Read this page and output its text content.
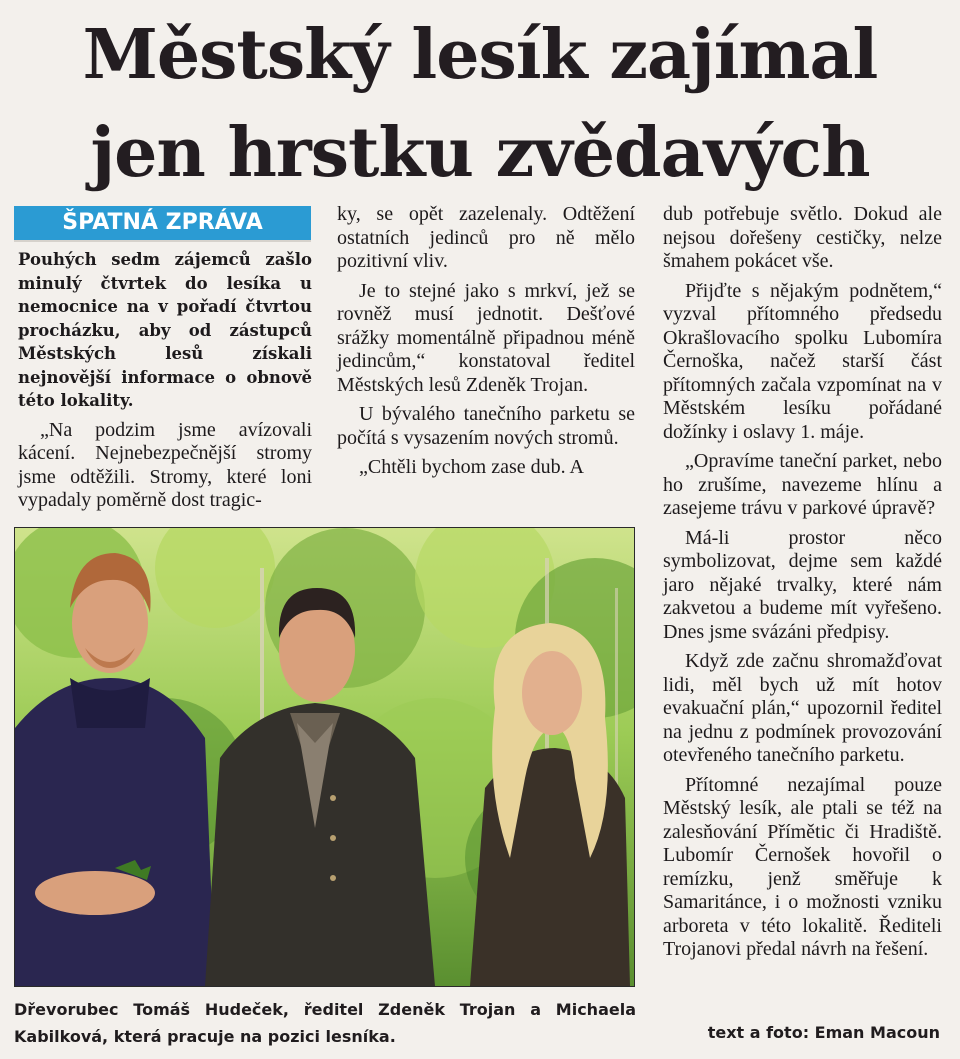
Městský lesík zajímal
jen hrstku zvědavých
ŠPATNÁ ZPRÁVA

Pouhých sedm zájemců zašlo minulý čtvrtek do lesíka u nemocnice na v pořadí čtvrtou procházku, aby od zástupců Městských lesů získali nejnovější informace o obnově této lokality.

„Na podzim jsme avízovali kácení. Nejnebezpečnější stromy jsme odtěžili. Stromy, které loni vypadaly poměrně dost tragic-

ky, se opět zazelenaly. Odtěžení ostatních jedinců pro ně mělo pozitivní vliv.

Je to stejné jako s mrkví, jež se rovněž musí jednotit. Dešťové srážky momentálně připadnou méně jedincům,“ konstatoval ředitel Městských lesů Zdeněk Trojan.

U bývalého tanečního parketu se počítá s vysazením nových stromů.

„Chtěli bychom zase dub. A

dub potřebuje světlo. Dokud ale nejsou dořešeny cestičky, nelze šmahem pokácet vše.

Přijďte s nějakým podnětem,“ vyzval přítomného předsedu Okrašlovacího spolku Lubomíra Černoška, načež starší část přítomných začala vzpomínat na v Městském lesíku pořádané dožínky i oslavy 1. máje.

„Opravíme taneční parket, nebo ho zrušíme, navezeme hlínu a zasejeme trávu v parkové úpravě?

Má-li prostor něco symbolizovat, dejme sem každé jaro nějaké trvalky, které nám zakvetou a budeme mít vyřešeno. Dnes jsme svázáni předpisy.

Když zde začnu shromažďovat lidi, měl bych už mít hotov evakuační plán,“ upozornil ředitel na jednu z podmínek provozování otevřeného tanečního parketu.

Přítomné nezajímal pouze Městský lesík, ale ptali se též na zalesňování Přímětic či Hradiště. Lubomír Černošek hovořil o remízku, jenž směřuje k Samaritánce, i o možnosti vzniku arboreta v této lokalitě. Řediteli Trojanovi předal návrh na řešení.

Dřevorubec Tomáš Hudeček, ředitel Zdeněk Trojan a Michaela Kabilková, která pracuje na pozici lesníka.	text a foto: Eman Macoun
